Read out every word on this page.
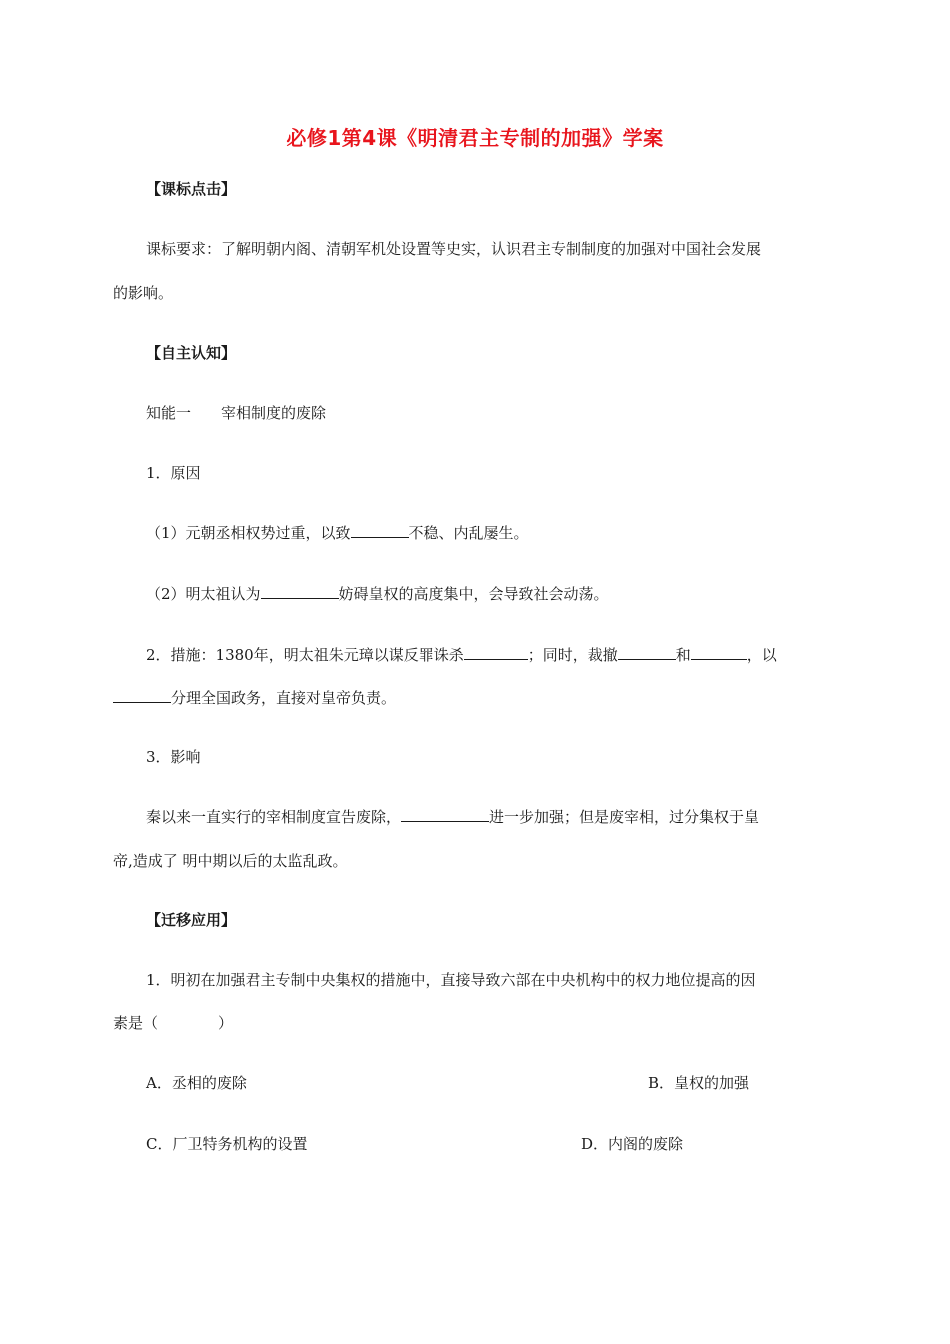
必修1第4课《明清君主专制的加强》学案
【课标点击】
课标要求：了解明朝内阁、清朝军机处设置等史实，认识君主专制制度的加强对中国社会发展
的影响。
【自主认知】
知能一　　宰相制度的废除
1．原因
（1）元朝丞相权势过重，以致	不稳、内乱屡生。
（2）明太祖认为	妨碍皇权的高度集中，会导致社会动荡。
2．措施：1380年，明太祖朱元璋以谋反罪诛杀	；同时，裁撤	和	，以
分理全国政务，直接对皇帝负责。
3．影响
秦以来一直实行的宰相制度宣告废除，	进一步加强；但是废宰相，过分集权于皇
帝,造成了 明中期以后的太监乱政。
【迁移应用】
1．明初在加强君主专制中央集权的措施中，直接导致六部在中央机构中的权力地位提高的因
素是（　　　　）
A．丞相的废除	B．皇权的加强
C．厂卫特务机构的设置	D．内阁的废除
